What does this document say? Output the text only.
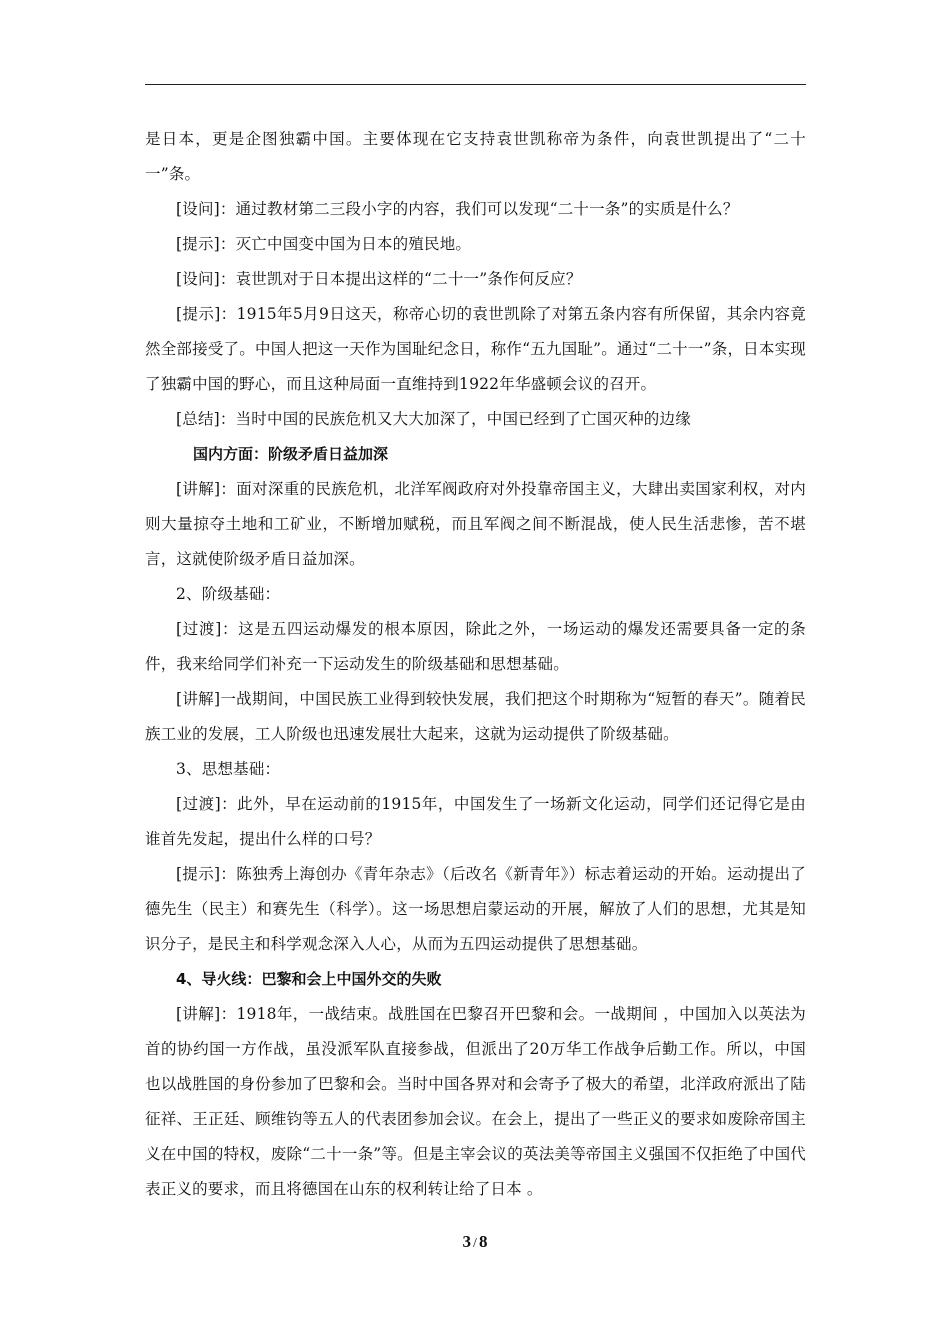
是日本，更是企图独霸中国。主要体现在它支持袁世凯称帝为条件，向袁世凯提出了“二十一”条。

[设问]：通过教材第二三段小字的内容，我们可以发现“二十一条”的实质是什么？

[提示]：灭亡中国变中国为日本的殖民地。

[设问]：袁世凯对于日本提出这样的“二十一”条作何反应？

[提示]：1915年5月9日这天，称帝心切的袁世凯除了对第五条内容有所保留，其余内容竟然全部接受了。中国人把这一天作为国耻纪念日，称作“五九国耻”。通过“二十一”条，日本实现了独霸中国的野心，而且这种局面一直维持到1922年华盛顿会议的召开。

[总结]：当时中国的民族危机又大大加深了，中国已经到了亡国灭种的边缘

国内方面：阶级矛盾日益加深

[讲解]：面对深重的民族危机，北洋军阀政府对外投靠帝国主义，大肆出卖国家利权，对内则大量掠夺土地和工矿业，不断增加赋税，而且军阀之间不断混战，使人民生活悲惨，苦不堪言，这就使阶级矛盾日益加深。

2、阶级基础：

[过渡]：这是五四运动爆发的根本原因，除此之外，一场运动的爆发还需要具备一定的条件，我来给同学们补充一下运动发生的阶级基础和思想基础。

[讲解]一战期间，中国民族工业得到较快发展，我们把这个时期称为“短暂的春天”。随着民族工业的发展，工人阶级也迅速发展壮大起来，这就为运动提供了阶级基础。

3、思想基础：

[过渡]：此外，早在运动前的1915年，中国发生了一场新文化运动，同学们还记得它是由谁首先发起，提出什么样的口号？

[提示]：陈独秀上海创办《青年杂志》（后改名《新青年》）标志着运动的开始。运动提出了德先生（民主）和赛先生（科学）。这一场思想启蒙运动的开展，解放了人们的思想，尤其是知识分子，是民主和科学观念深入人心，从而为五四运动提供了思想基础。

4、导火线：巴黎和会上中国外交的失败

[讲解]：1918年，一战结束。战胜国在巴黎召开巴黎和会。一战期间 ，中国加入以英法为首的协约国一方作战，虽没派军队直接参战，但派出了20万华工作战争后勤工作。所以，中国也以战胜国的身份参加了巴黎和会。当时中国各界对和会寄予了极大的希望，北洋政府派出了陆征祥、王正廷、顾维钧等五人的代表团参加会议。在会上，提出了一些正义的要求如废除帝国主义在中国的特权，废除“二十一条”等。但是主宰会议的英法美等帝国主义强国不仅拒绝了中国代表正义的要求，而且将德国在山东的权利转让给了日本 。

3 / 8
